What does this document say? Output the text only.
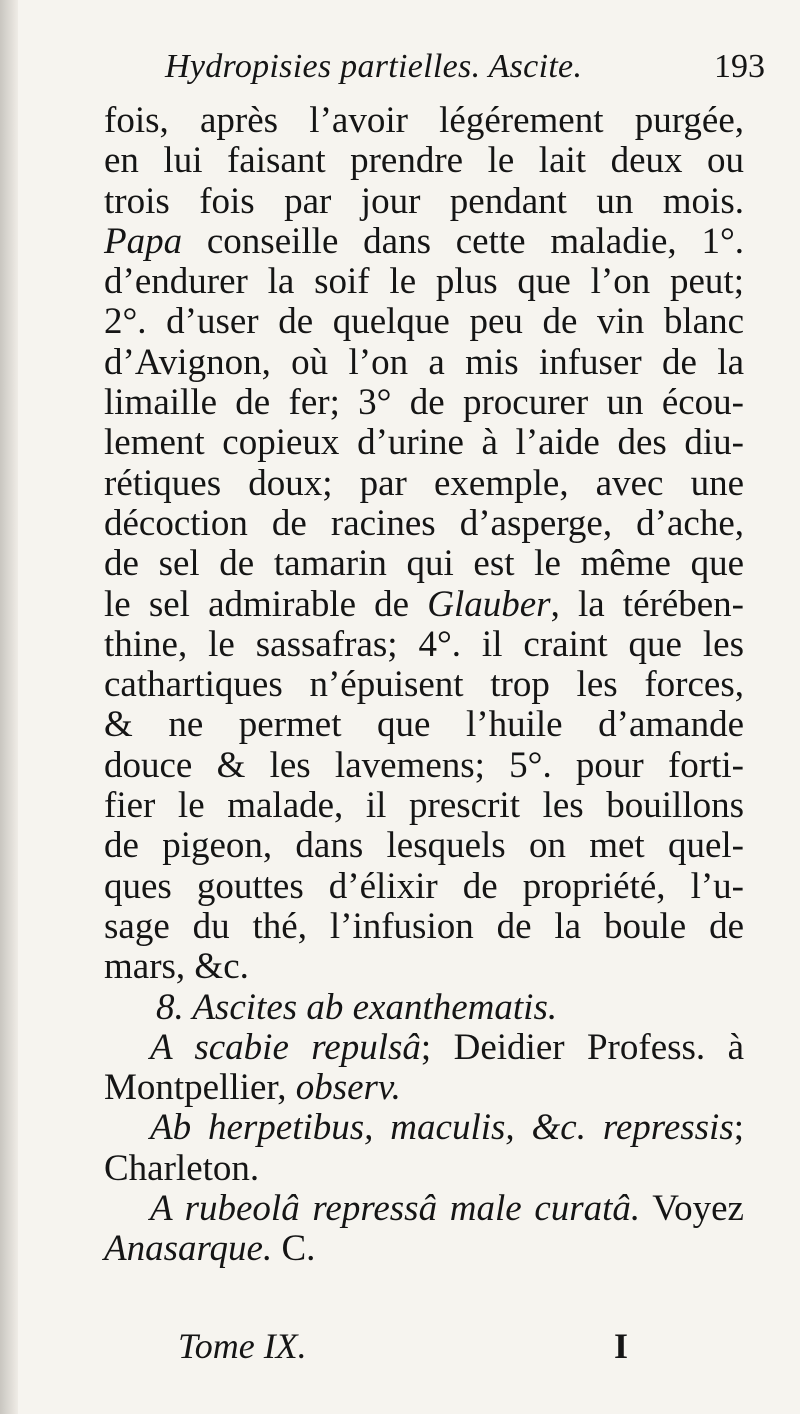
Hydropisies partielles. Ascite.	193
fois, après l’avoir légérement purgée,
en lui faisant prendre le lait deux ou
trois fois par jour pendant un mois.
Papa conseille dans cette maladie, 1°.
d’endurer la soif le plus que l’on peut;
2°. d’user de quelque peu de vin blanc
d’Avignon, où l’on a mis infuser de la
limaille de fer; 3° de procurer un écou-
lement copieux d’urine à l’aide des diu-
rétiques doux; par exemple, avec une
décoction de racines d’asperge, d’ache,
de sel de tamarin qui est le même que
le sel admirable de Glauber, la térében-
thine, le sassafras; 4°. il craint que les
cathartiques n’épuisent trop les forces,
& ne permet que l’huile d’amande
douce & les lavemens; 5°. pour forti-
fier le malade, il prescrit les bouillons
de pigeon, dans lesquels on met quel-
ques gouttes d’élixir de propriété, l’u-
sage du thé, l’infusion de la boule de
mars, &c.
8. Ascites ab exanthematis.
A scabie repulsâ; Deidier Profess. à
Montpellier, observ.
Ab herpetibus, maculis, &c. repressis;
Charleton.
A rubeolâ repressâ male curatâ. Voyez
Anasarque. C.
Tome IX.	I
